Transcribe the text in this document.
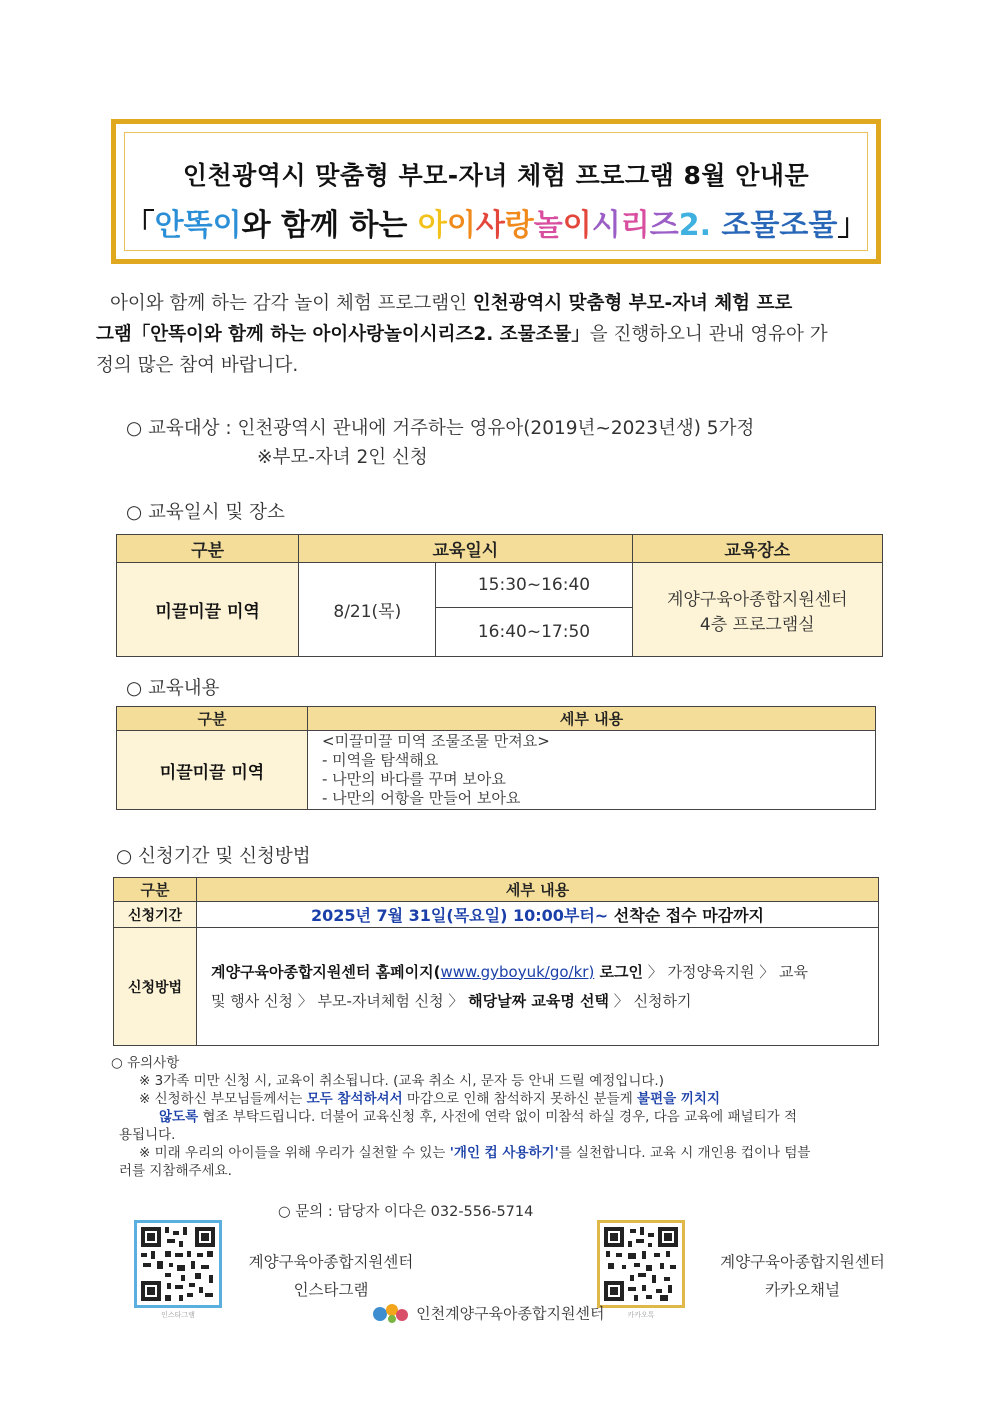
인천광역시 맞춤형 부모-자녀 체험 프로그램 8월 안내문
「안똑이와 함께 하는 아이사랑놀이시리즈2. 조물조물」
아이와 함께 하는 감각 놀이 체험 프로그램인 인천광역시 맞춤형 부모-자녀 체험 프로
그램「안똑이와 함께 하는 아이사랑놀이시리즈2. 조물조물」을 진행하오니 관내 영유아 가
정의 많은 참여 바랍니다.
○ 교육대상 : 인천광역시 관내에 거주하는 영유아(2019년~2023년생) 5가정
※부모-자녀 2인 신청
○ 교육일시 및 장소
구분	교육일시		교육장소
미끌미끌 미역	8/21(목)	15:30~16:40	계양구육아종합지원센터
4층 프로그램실

		16:40~17:50	
○ 교육내용
구분	세부 내용
미끌미끌 미역	<미끌미끌 미역 조물조물 만져요>
- 미역을 탐색해요
- 나만의 바다를 꾸며 보아요
- 나만의 어항을 만들어 보아요
○ 신청기간 및 신청방법
구분	세부 내용
신청기간	2025년 7월 31일(목요일) 10:00부터~ 선착순 접수 마감까지
신청방법	계양구육아종합지원센터 홈페이지(www.gyboyuk/go/kr) 로그인 〉 가정양육지원 〉 교육
및 행사 신청 〉 부모-자녀체험 신청 〉 해당날짜 교육명 선택 〉 신청하기
○ 유의사항
※ 3가족 미만 신청 시, 교육이 취소됩니다. (교육 취소 시, 문자 등 안내 드릴 예정입니다.)
※ 신청하신 부모님들께서는 모두 참석하셔서 마감으로 인해 참석하지 못하신 분들게 불편을 끼치지
않도록 협조 부탁드립니다. 더불어 교육신청 후, 사전에 연락 없이 미참석 하실 경우, 다음 교육에 패널티가 적
용됩니다.
※ 미래 우리의 아이들을 위해 우리가 실천할 수 있는 '개인 컵 사용하기'를 실천합니다. 교육 시 개인용 컵이나 텀블
러를 지참해주세요.
○ 문의 : 담당자 이다은 032-556-5714
인스타그램
계양구육아종합지원센터
인스타그램
카카오톡
계양구육아종합지원센터
카카오채널
인천계양구육아종합지원센터
